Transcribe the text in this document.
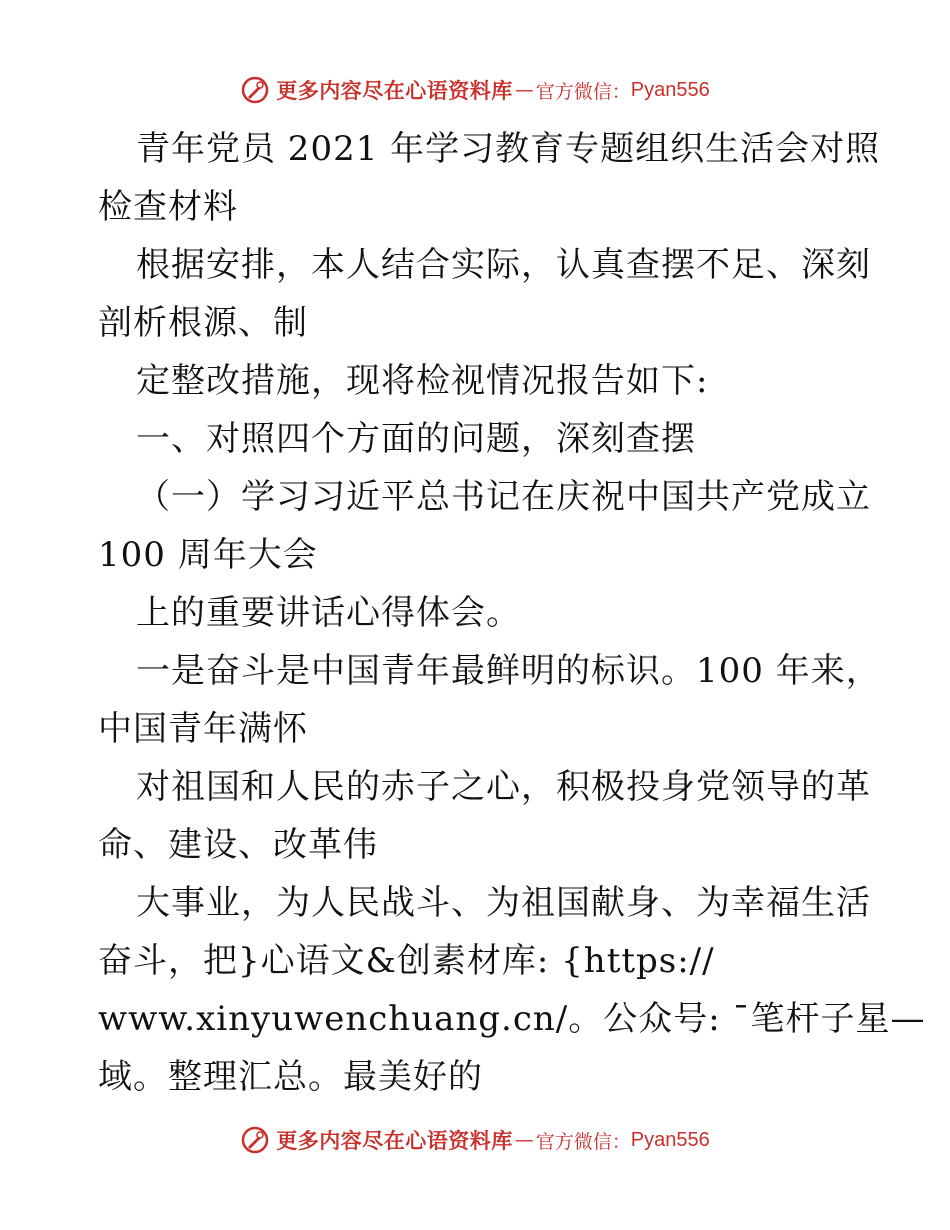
更多内容尽在心语资料库 — 官方微信： Pyan556
青年党员 2021 年学习教育专题组织生活会对照
检查材料
根据安排，本人结合实际，认真查摆不足、深刻
剖析根源、制
定整改措施，现将检视情况报告如下:
一、对照四个方面的问题，深刻查摆
（一）学习习近平总书记在庆祝中国共产党成立
100 周年大会
上的重要讲话心得体会。
一是奋斗是中国青年最鲜明的标识。100 年来，
中国青年满怀
对祖国和人民的赤子之心，积极投身党领导的革
命、建设、改革伟
大事业，为人民战斗、为祖国献身、为幸福生活
奋斗，把}心语文&创素材库: {https://
www.xinyuwenchuang.cn/。公众号: ¯笔杆子星—
域。整理汇总。最美好的
更多内容尽在心语资料库 — 官方微信： Pyan556
